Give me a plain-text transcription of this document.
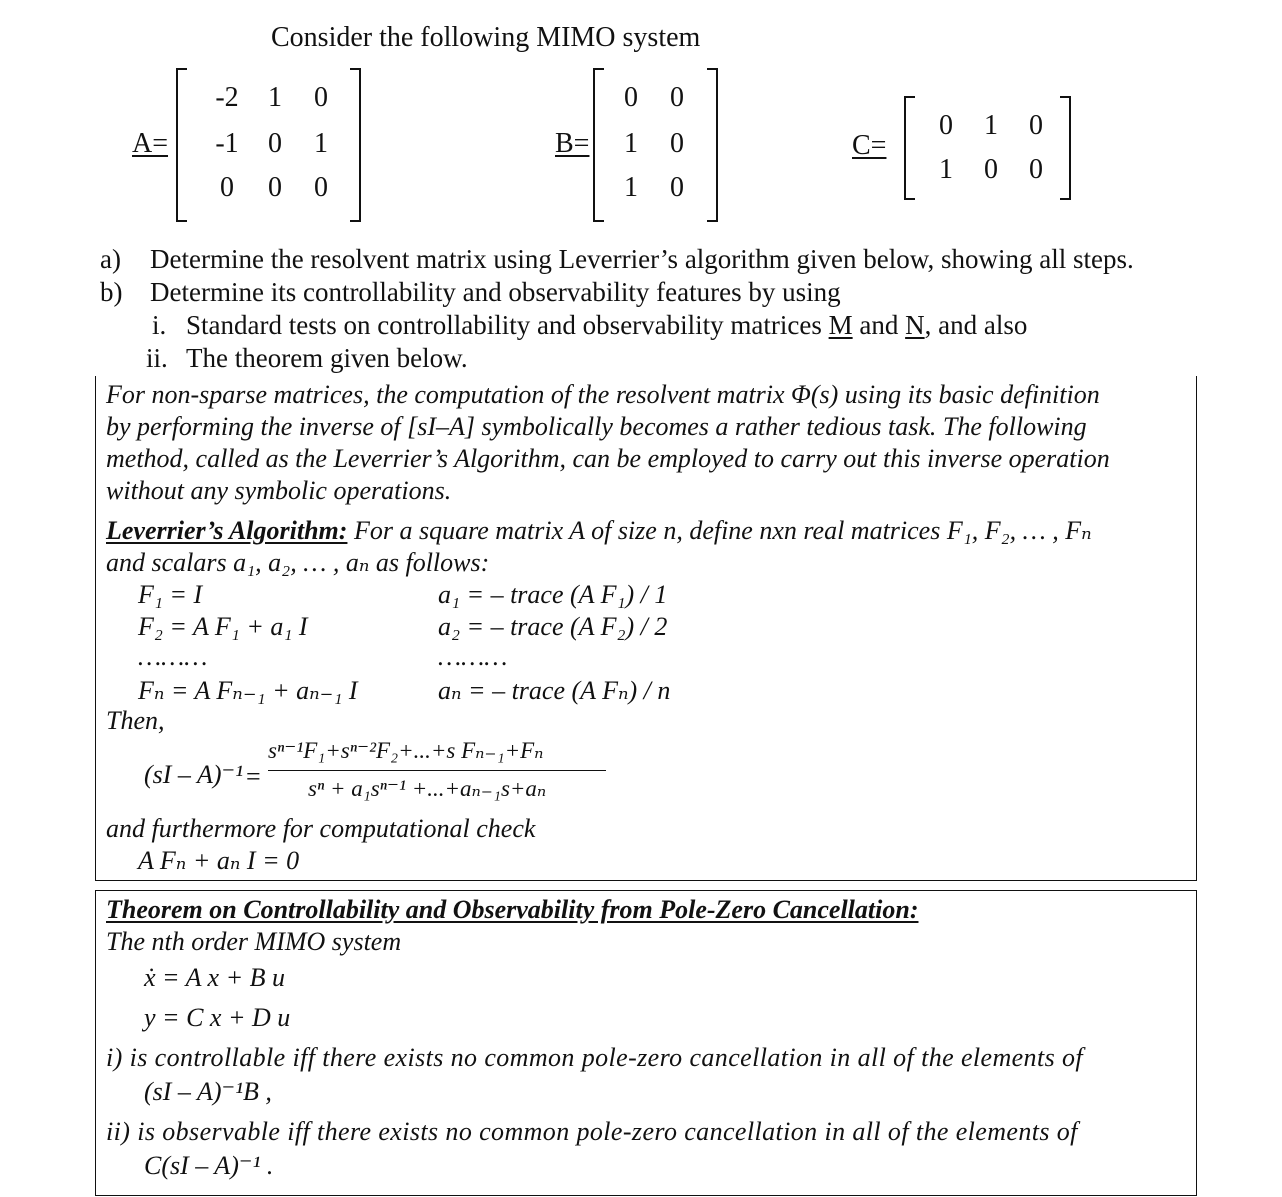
Consider the following MIMO system
A=
-2	1	0
-1	0	1
0	0	0
B=
0	0
1	0
1	0
C=
0	1	0
1	0	0
a) Determine the resolvent matrix using Leverrier’s algorithm given below, showing all steps.
b) Determine its controllability and observability features by using
i. Standard tests on controllability and observability matrices M and N, and also
ii. The theorem given below.
For non-sparse matrices, the computation of the resolvent matrix Φ(s) using its basic definition
by performing the inverse of [sI–A] symbolically becomes a rather tedious task. The following
method, called as the Leverrier’s Algorithm, can be employed to carry out this inverse operation
without any symbolic operations.
Leverrier’s Algorithm: For a square matrix A of size n, define nxn real matrices F₁, F₂, … , Fₙ
and scalars a₁, a₂, … , aₙ as follows:
F₁ = I
F₂ = A F₁ + a₁ I
………
Fₙ = A Fₙ₋₁ + aₙ₋₁ I
a₁ = – trace (A F₁) / 1
a₂ = – trace (A F₂) / 2
………
aₙ = – trace (A Fₙ) / n
Then,
(sI – A)⁻¹ =
sⁿ⁻¹F₁+sⁿ⁻²F₂+...+s Fₙ₋₁+Fₙ
sⁿ + a₁sⁿ⁻¹ +...+aₙ₋₁s+aₙ
and furthermore for computational check
A Fₙ + aₙ I = 0
Theorem on Controllability and Observability from Pole-Zero Cancellation:
The nth order MIMO system
ẋ = A x + B u
y = C x + D u
i) is controllable iff there exists no common pole-zero cancellation in all of the elements of
(sI – A)⁻¹B ,
ii) is observable iff there exists no common pole-zero cancellation in all of the elements of
C(sI – A)⁻¹ .
